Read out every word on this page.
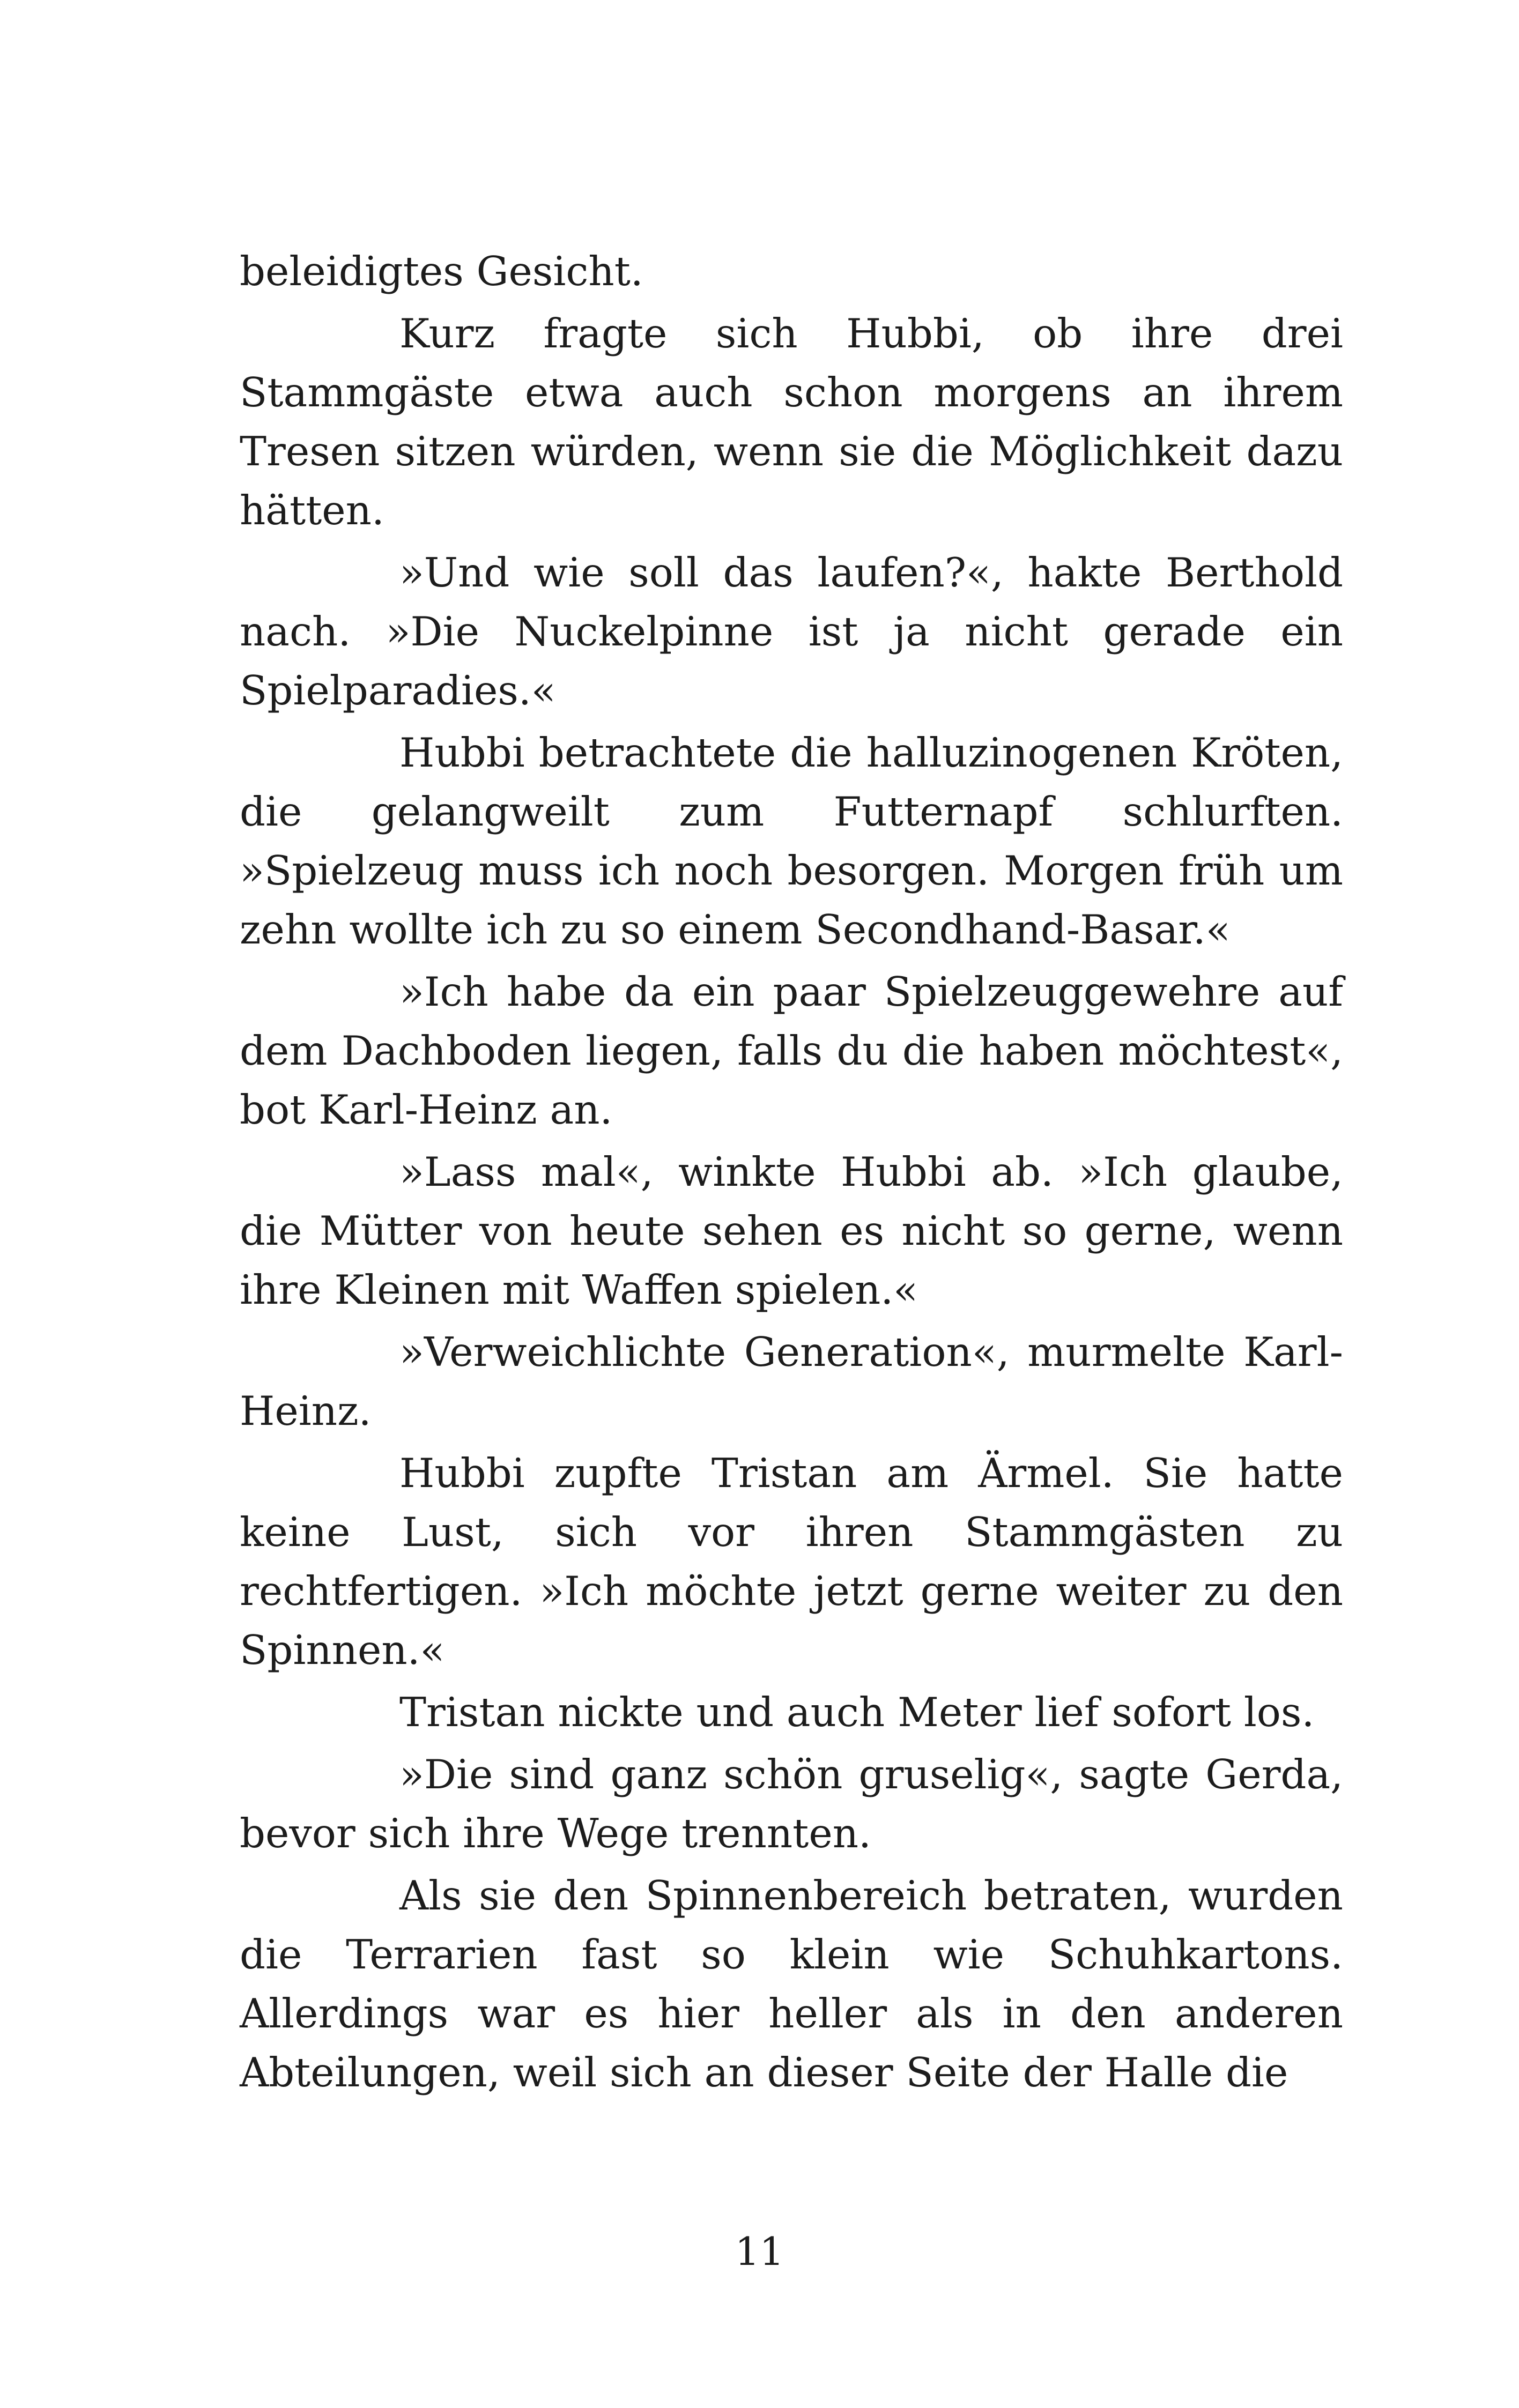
beleidigtes Gesicht.

Kurz fragte sich Hubbi, ob ihre drei Stammgäste etwa auch schon morgens an ihrem Tresen sitzen würden, wenn sie die Möglichkeit dazu hätten.

»Und wie soll das laufen?«, hakte Berthold nach. »Die Nuckelpinne ist ja nicht gerade ein Spielparadies.«

Hubbi betrachtete die halluzinogenen Kröten, die gelangweilt zum Futternapf schlurften. »Spielzeug muss ich noch besorgen. Morgen früh um zehn wollte ich zu so einem Secondhand-Basar.«

»Ich habe da ein paar Spielzeuggewehre auf dem Dachboden liegen, falls du die haben möchtest«, bot Karl-Heinz an.

»Lass mal«, winkte Hubbi ab. »Ich glaube, die Mütter von heute sehen es nicht so gerne, wenn ihre Kleinen mit Waffen spielen.«

»Verweichlichte Generation«, murmelte Karl-Heinz.

Hubbi zupfte Tristan am Ärmel. Sie hatte keine Lust, sich vor ihren Stammgästen zu rechtfertigen. »Ich möchte jetzt gerne weiter zu den Spinnen.«

Tristan nickte und auch Meter lief sofort los.

»Die sind ganz schön gruselig«, sagte Gerda, bevor sich ihre Wege trennten.

Als sie den Spinnenbereich betraten, wurden die Terrarien fast so klein wie Schuhkartons. Allerdings war es hier heller als in den anderen Abteilungen, weil sich an dieser Seite der Halle die

11
